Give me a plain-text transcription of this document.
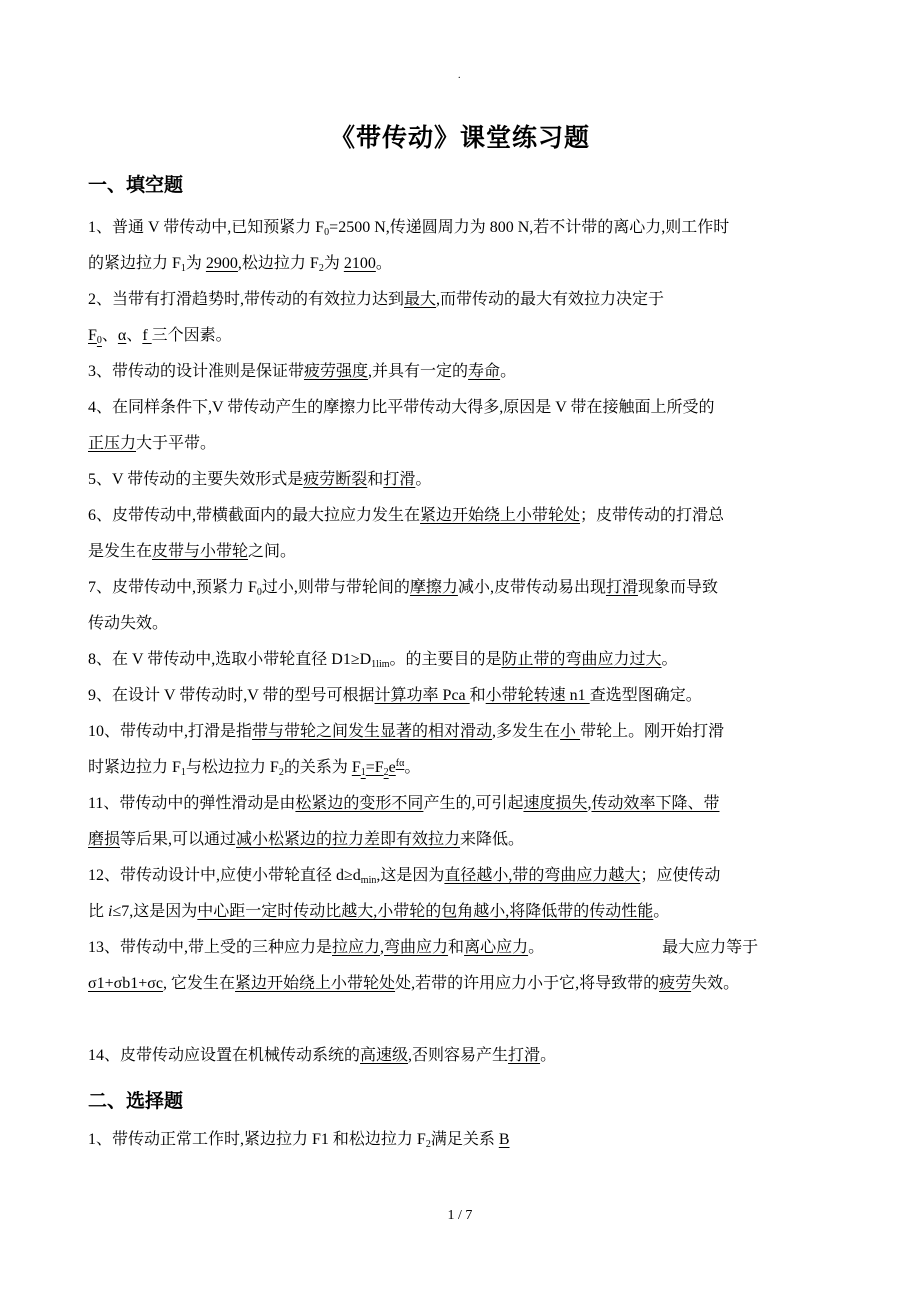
.
《带传动》课堂练习题
一、填空题
1、普通 V 带传动中,已知预紧力 $F_0=2500$ N,传递圆周力为 800 N,若不计带的离心力,则工作时
的紧边拉力 $F_1$为 2900,松边拉力 $F_2$为 2100。
2、当带有打滑趋势时,带传动的有效拉力达到最大,而带传动的最大有效拉力决定于
$F_0$、α、f 三个因素。
3、带传动的设计准则是保证带疲劳强度,并具有一定的寿命。
4、在同样条件下,V 带传动产生的摩擦力比平带传动大得多,原因是 V 带在接触面上所受的
正压力大于平带。
5、V 带传动的主要失效形式是疲劳断裂和打滑。
6、皮带传动中,带横截面内的最大拉应力发生在紧边开始绕上小带轮处；皮带传动的打滑总
是发生在皮带与小带轮之间。
7、皮带传动中,预紧力 $F_0$过小,则带与带轮间的摩擦力减小,皮带传动易出现打滑现象而导致
传动失效。
8、在 V 带传动中,选取小带轮直径 $D1\ge D_{1lim}$。的主要目的是防止带的弯曲应力过大。
9、在设计 V 带传动时,V 带的型号可根据计算功率 Pca 和小带轮转速 n1 查选型图确定。
10、带传动中,打滑是指带与带轮之间发生显著的相对滑动,多发生在小 带轮上。刚开始打滑
时紧边拉力 $F_1$与松边拉力 $F_2$的关系为 $F_1=F_2e^{f\alpha}$。
11、带传动中的弹性滑动是由松紧边的变形不同产生的,可引起速度损失,传动效率下降、带
磨损等后果,可以通过减小松紧边的拉力差即有效拉力来降低。
12、带传动设计中,应使小带轮直径 $d\ge d_{min}$,这是因为直径越小,带的弯曲应力越大；应使传动
比 i≤7,这是因为中心距一定时传动比越大,小带轮的包角越小,将降低带的传动性能。
13、带传动中,带上受的三种应力是拉应力,弯曲应力和离心应力。	最大应力等于
σ1+σb1+σc, 它发生在紧边开始绕上小带轮处处,若带的许用应力小于它,将导致带的疲劳失效。
14、皮带传动应设置在机械传动系统的高速级,否则容易产生打滑。
二、选择题
1、带传动正常工作时,紧边拉力 F1 和松边拉力 $F_2$满足关系 B
1 / 7
